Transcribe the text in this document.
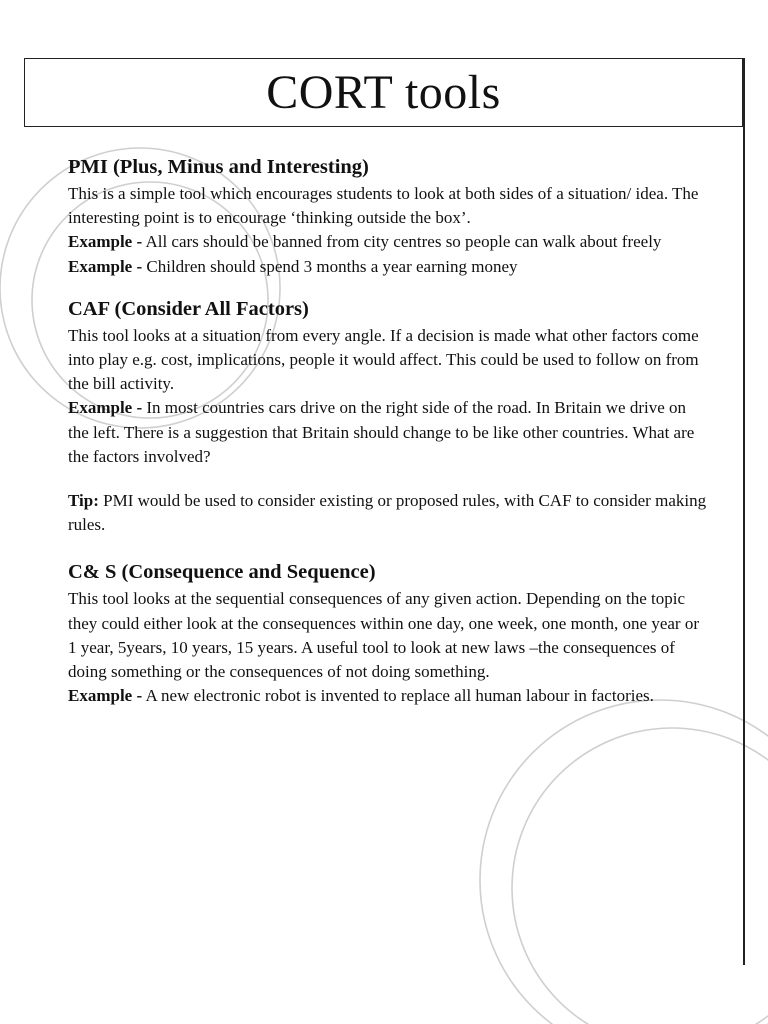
CORT tools
PMI (Plus, Minus and Interesting)

This is a simple tool which encourages students to look at both sides of a situation/ idea. The interesting point is to encourage ‘thinking outside the box’.

Example - All cars should be banned from city centres so people can walk about freely

Example - Children should spend 3 months a year earning money

CAF (Consider All Factors)

This tool looks at a situation from every angle. If a decision is made what other factors come into play e.g. cost, implications, people it would affect. This could be used to follow on from the bill activity.

Example - In most countries cars drive on the right side of the road. In Britain we drive on the left. There is a suggestion that Britain should change to be like other countries. What are the factors involved?

Tip: PMI would be used to consider existing or proposed rules, with CAF to consider making rules.

C& S (Consequence and Sequence)

This tool looks at the sequential consequences of any given action. Depending on the topic they could either look at the consequences within one day, one week, one month, one year or 1 year, 5years, 10 years, 15 years. A useful tool to look at new laws –the consequences of doing something or the consequences of not doing something.

Example - A new electronic robot is invented to replace all human labour in factories.
